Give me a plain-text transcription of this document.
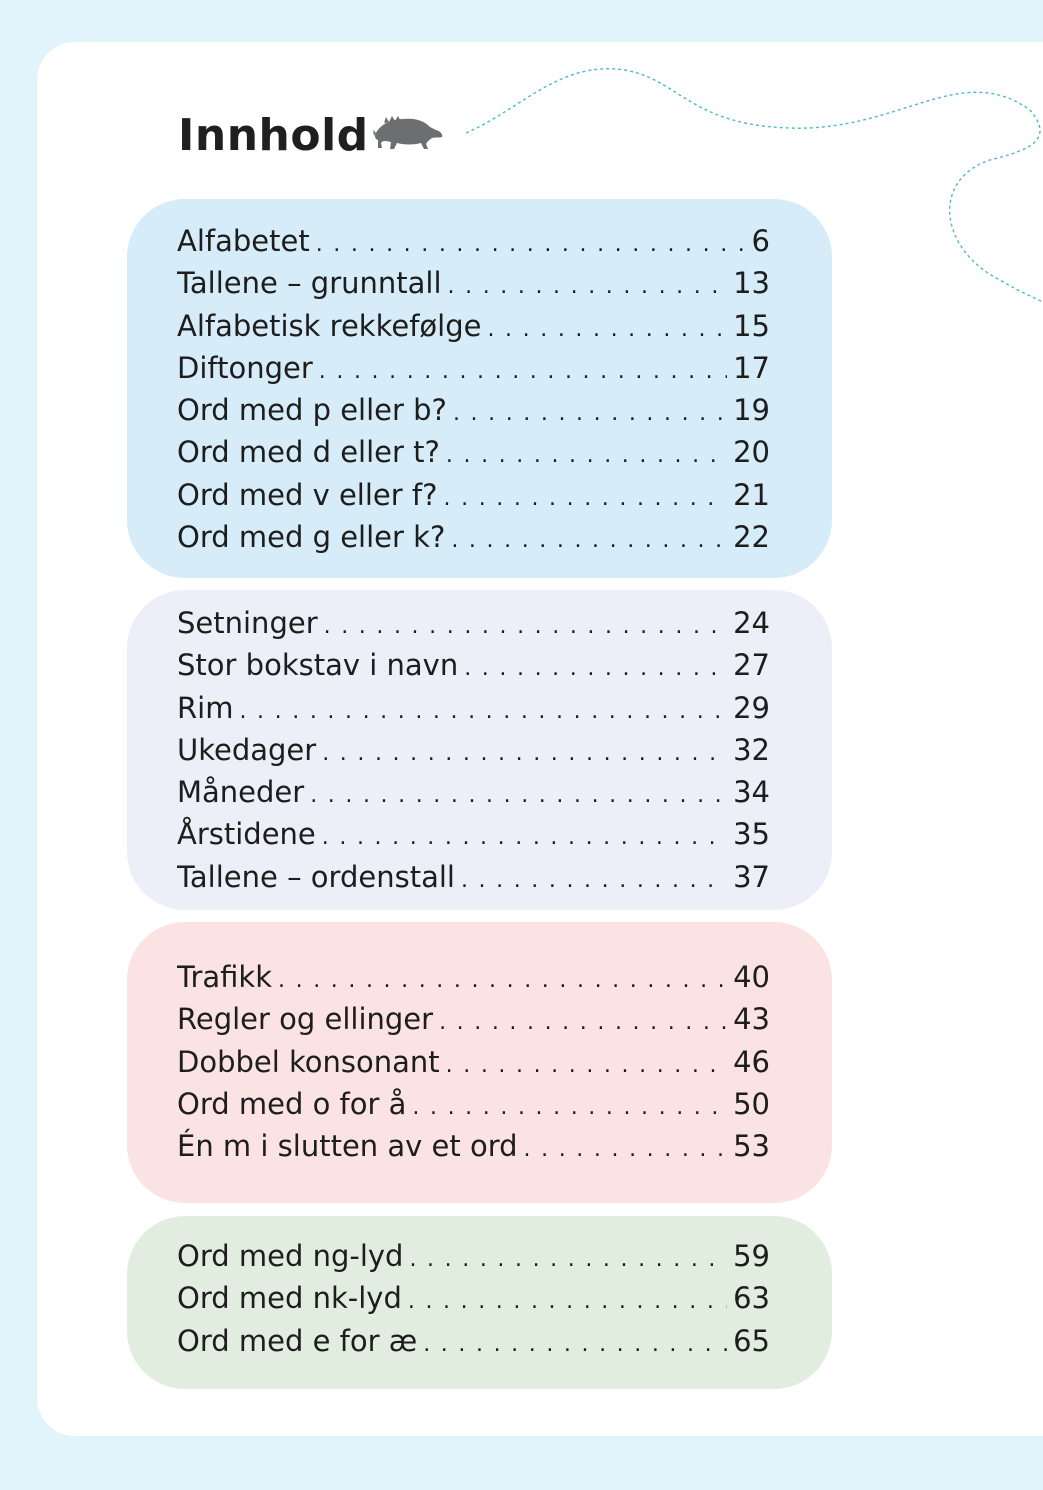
Innhold
Alfabetet . . .	6
Tallene – grunntall . . .	13
Alfabetisk rekkefølge . . .	15
Diftonger . . .	17
Ord med p eller b? . . .	19
Ord med d eller t? . . .	20
Ord med v eller f? . . .	21
Ord med g eller k? . . .	22
Setninger . . .	24
Stor bokstav i navn . . .	27
Rim . . .	29
Ukedager . . .	32
Måneder . . .	34
Årstidene . . .	35
Tallene – ordenstall . . .	37
Trafikk . . .	40
Regler og ellinger . . .	43
Dobbel konsonant . . .	46
Ord med o for å . . .	50
Én m i slutten av et ord . . .	53
Ord med ng-lyd . . .	59
Ord med nk-lyd . . .	63
Ord med e for æ . . .	65
